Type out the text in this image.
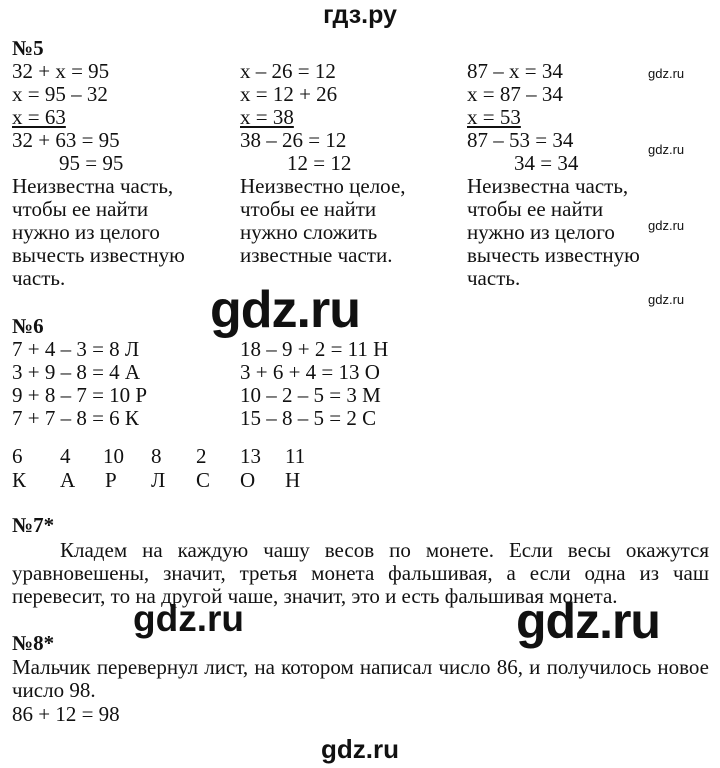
гдз.ру
№5
32 + x = 95
x = 95 – 32
x = 63
32 + 63 = 95
95 = 95
Неизвестна часть,
чтобы ее найти
нужно из целого
вычесть известную
часть.
x – 26 = 12
x = 12 + 26
x = 38
38 – 26 = 12
12 = 12
Неизвестно целое,
чтобы ее найти
нужно сложить
известные части.
87 – x = 34
x = 87 – 34
x = 53
87 – 53 = 34
34 = 34
Неизвестна часть,
чтобы ее найти
нужно из целого
вычесть известную
часть.
gdz.ru
gdz.ru
gdz.ru
gdz.ru
gdz.ru
№6
7 + 4 – 3 = 8 Л
3 + 9 – 8 = 4 А
9 + 8 – 7 = 10 Р
7 + 7 – 8 = 6 К
18 – 9 + 2 = 11 Н
3 + 6 + 4 = 13 О
10 – 2 – 5 = 3 М
15 – 8 – 5 = 2 С
6 4 10 8 2 13 11
К А Р Л С О Н
№7*
Кладем на каждую чашу весов по монете. Если весы окажутся уравновешены, значит, третья монета фальшивая, а если одна из чаш перевесит, то на другой чаше, значит, это и есть фальшивая монета.
gdz.ru	gdz.ru
№8*
Мальчик перевернул лист, на котором написал число 86, и получилось новое число 98.
86 + 12 = 98
gdz.ru
